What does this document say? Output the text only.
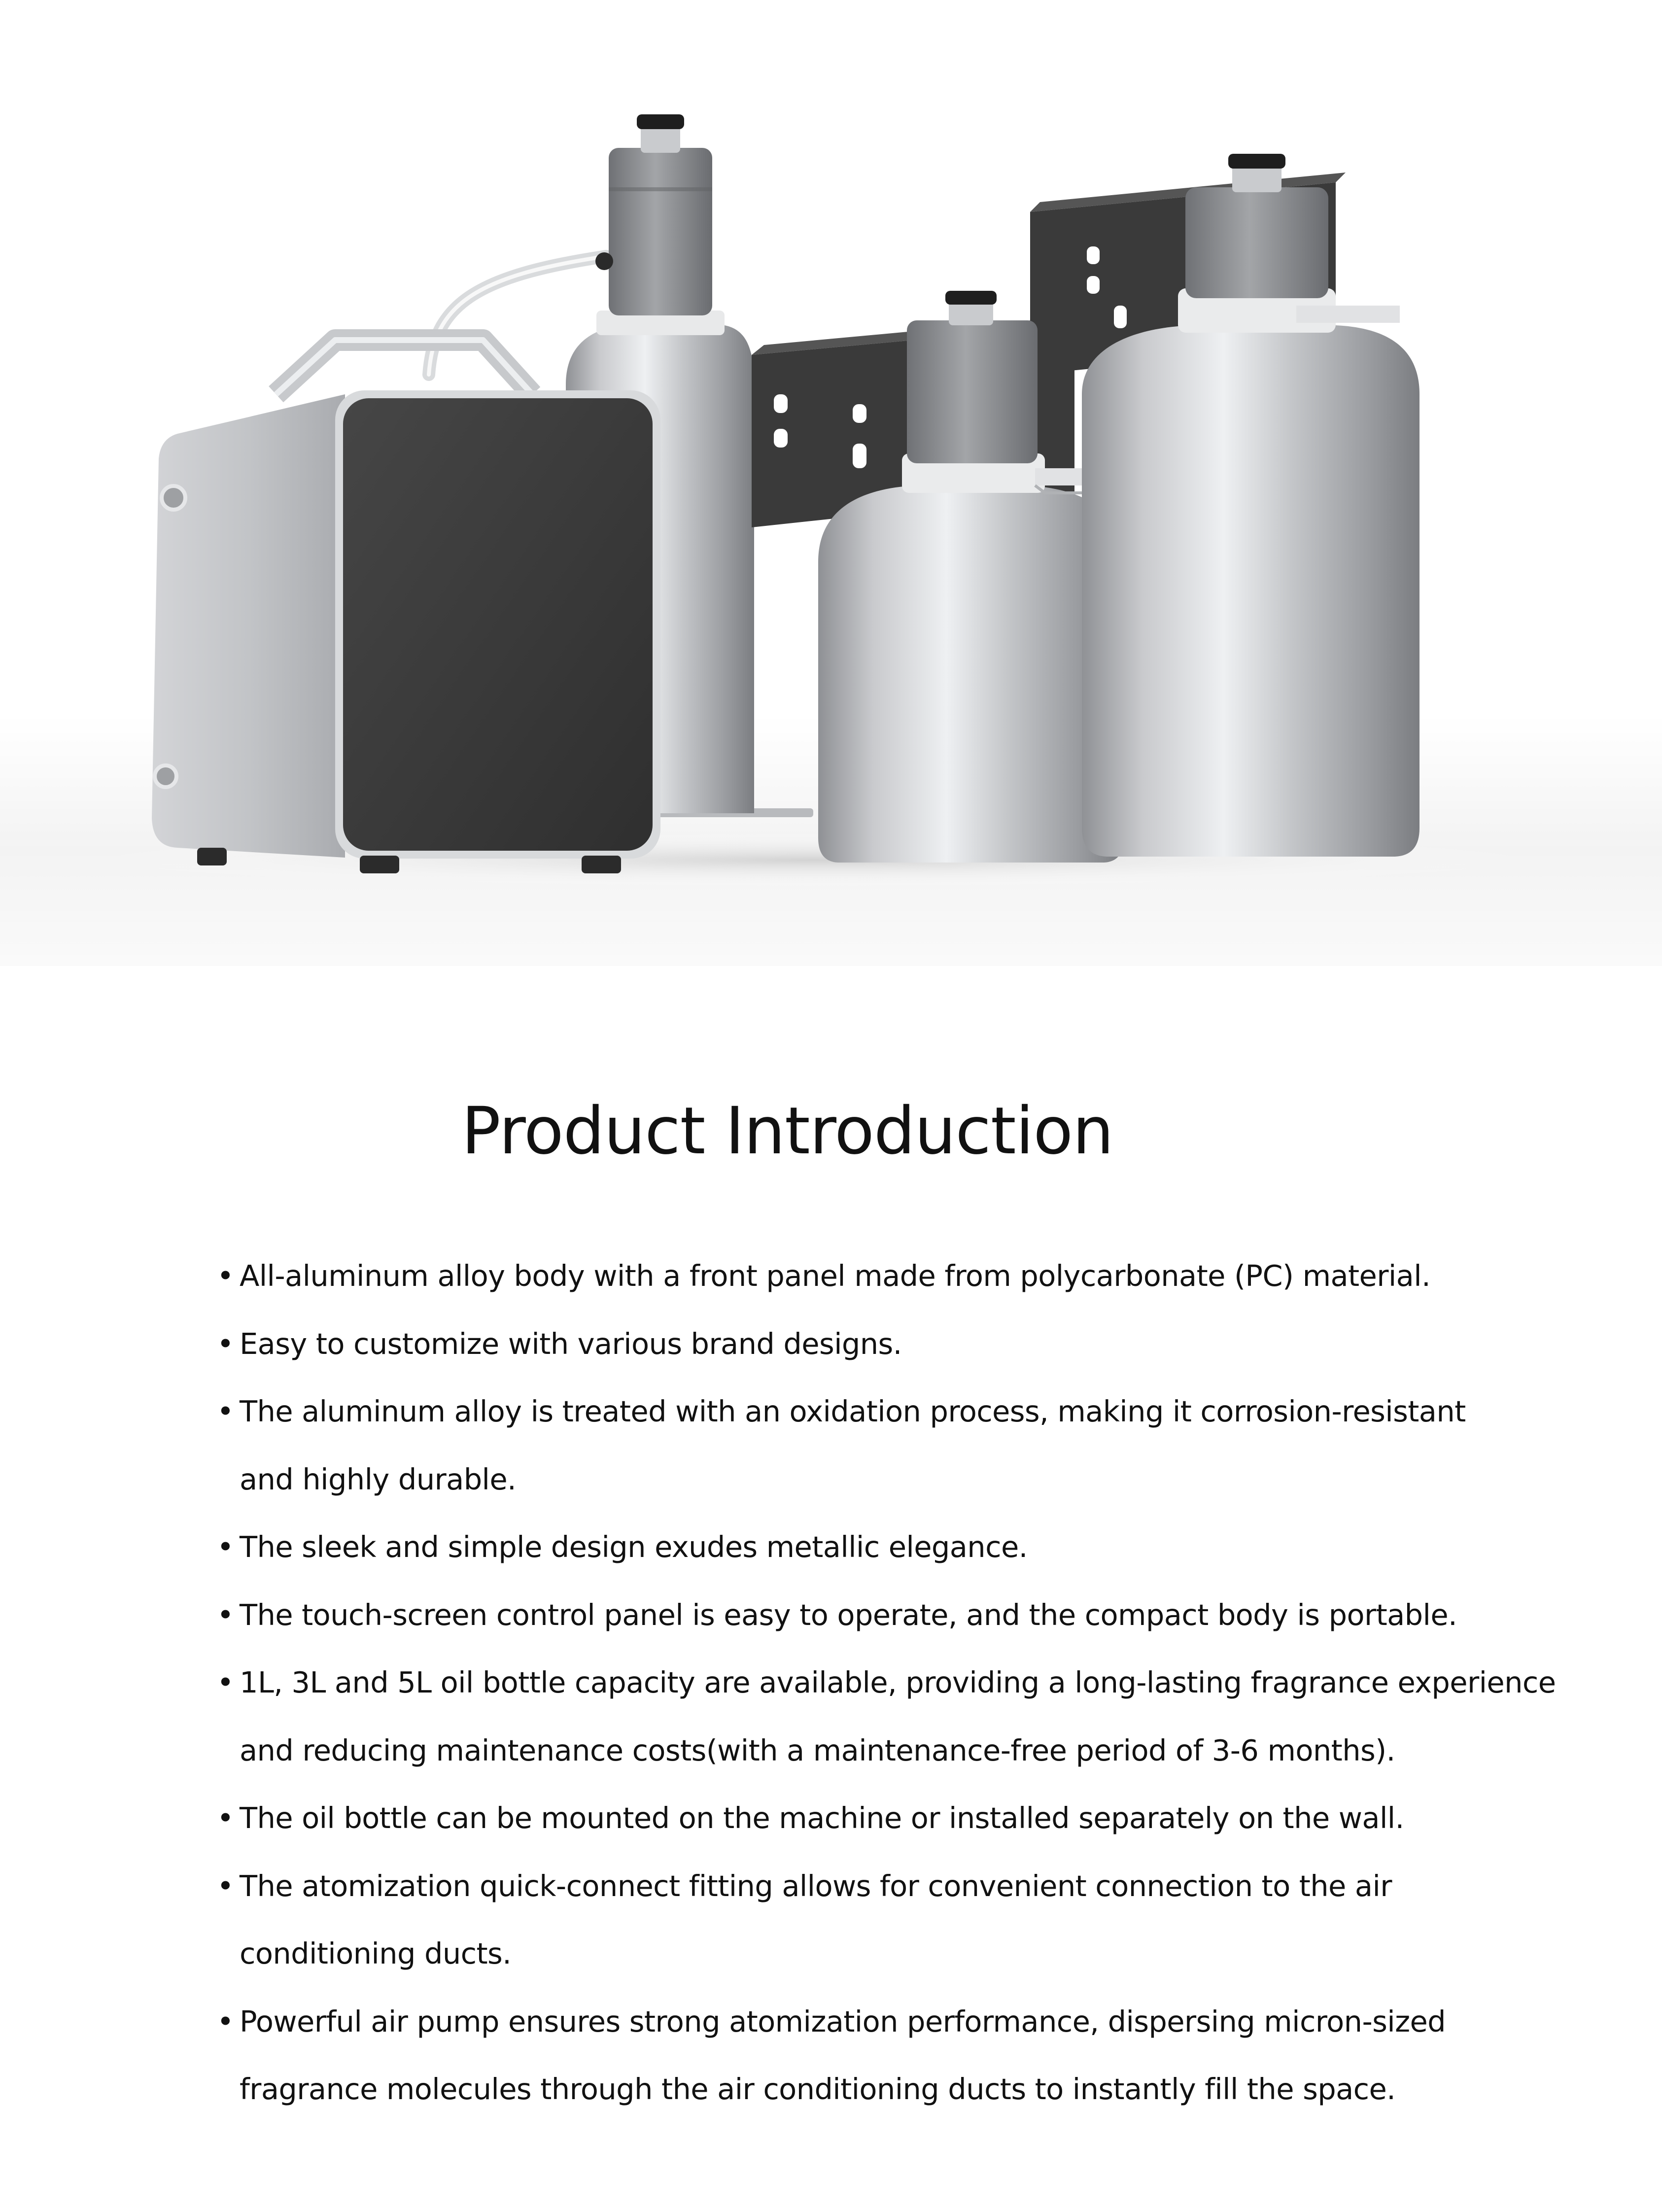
Product Introduction
• All-aluminum alloy body with a front panel made from polycarbonate (PC) material.
• Easy to customize with various brand designs.
• The aluminum alloy is treated with an oxidation process, making it corrosion-resistant
and highly durable.
• The sleek and simple design exudes metallic elegance.
• The touch-screen control panel is easy to operate, and the compact body is portable.
• 1L, 3L and 5L oil bottle capacity are available, providing a long-lasting fragrance experience
and reducing maintenance costs(with a maintenance-free period of 3-6 months).
• The oil bottle can be mounted on the machine or installed separately on the wall.
• The atomization quick-connect fitting allows for convenient connection to the air
conditioning ducts.
• Powerful air pump ensures strong atomization performance, dispersing micron-sized
fragrance molecules through the air conditioning ducts to instantly fill the space.
